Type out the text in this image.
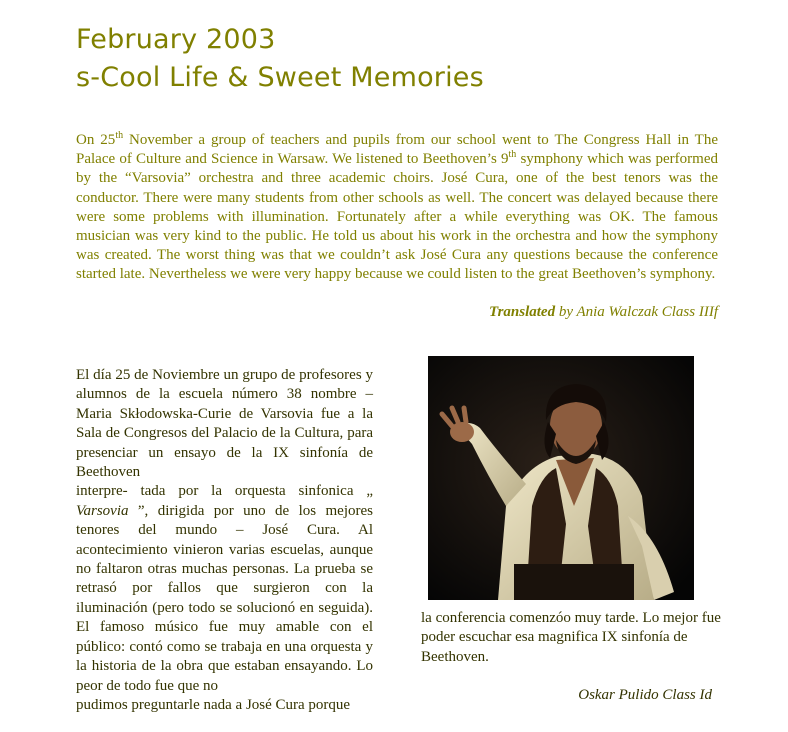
February 2003
s-Cool Life & Sweet Memories

On 25th November a group of teachers and pupils from our school went to The Congress Hall in The Palace of Culture and Science in Warsaw. We listened to Beethoven’s 9th symphony which was performed by the “Varsovia” orchestra and three academic choirs. José Cura, one of the best tenors was the conductor. There were many students from other schools as well. The concert was delayed because there were some problems with illumination. Fortunately after a while everything was OK. The famous musician was very kind to the public. He told us about his work in the orchestra and how the symphony was created. The worst thing was that we couldn’t ask José Cura any questions because the conference started late. Nevertheless we were very happy because we could listen to the great Beethoven’s symphony.

Translated by Ania Walczak Class IIIf

El día 25 de Noviembre un grupo de profesores y alumnos de la escuela número 38 nombre – Maria Skłodowska-Curie de Varsovia fue a la Sala de Congresos del Palacio de la Cultura, para presenciar un ensayo de la IX sinfonía de Beethoven
interpre- tada por la orquesta sinfonica „
Varsovia ”, dirigida por uno de los mejores tenores del mundo – José Cura. Al acontecimiento vinieron varias escuelas, aunque no faltaron otras muchas personas. La prueba se retrasó por fallos que surgieron con la iluminación (pero todo se solucionó en seguida). El famoso músico fue muy amable con el público: contó como se trabaja en una orquesta y la historia de la obra que estaban ensayando. Lo peor de todo fue que no
pudimos preguntarle nada a José Cura porque

la conferencia comenzóo muy tarde. Lo mejor fue poder escuchar esa magnifica IX sinfonía de Beethoven.

Oskar Pulido Class Id
